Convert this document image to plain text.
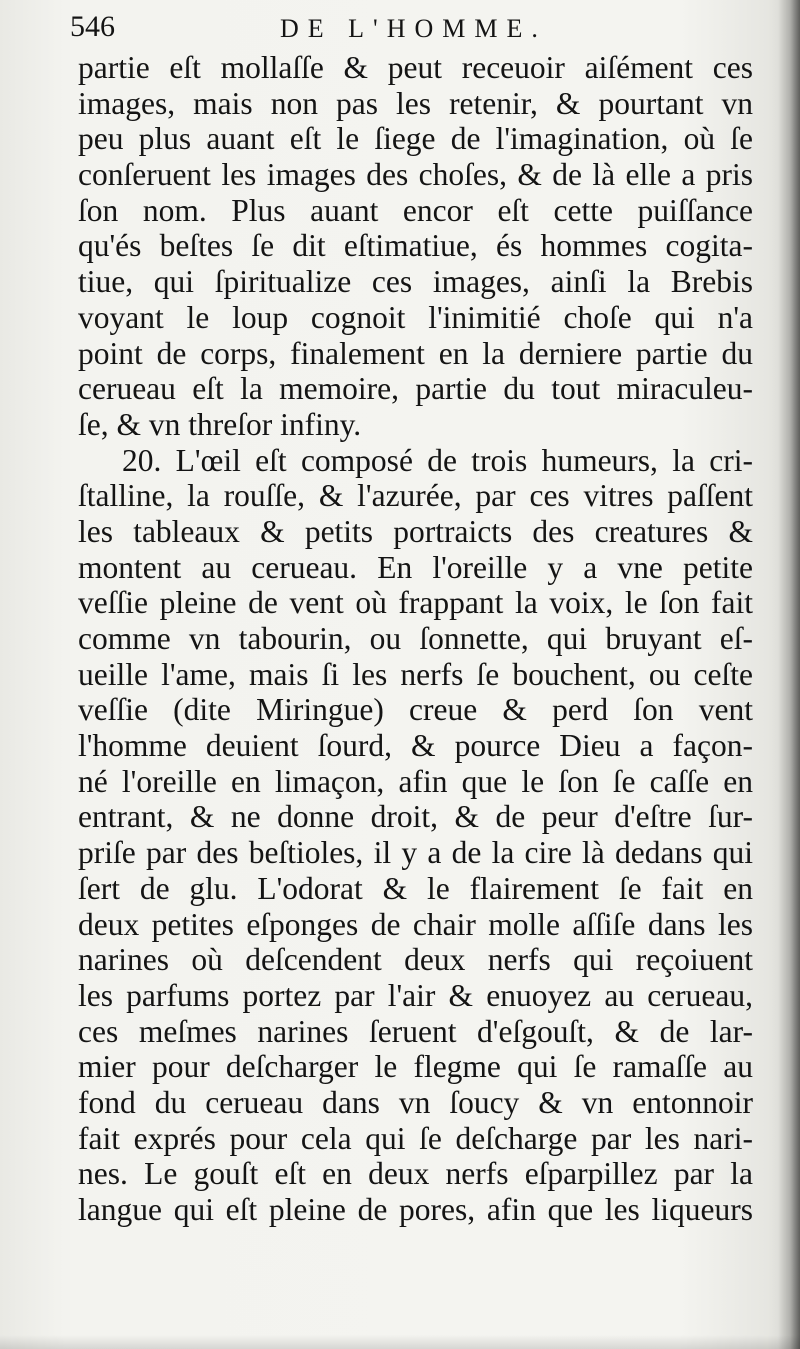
546	DE L'HOMME.
partie eſt mollaſſe & peut receuoir aiſément ces
images, mais non pas les retenir, & pourtant vn
peu plus auant eſt le ſiege de l'imagination, où ſe
conſeruent les images des choſes, & de là elle a pris
ſon nom. Plus auant encor eſt cette puiſſance
qu'és beſtes ſe dit eſtimatiue, és hommes cogita-
tiue, qui ſpiritualize ces images, ainſi la Brebis
voyant le loup cognoit l'inimitié choſe qui n'a
point de corps, finalement en la derniere partie du
cerueau eſt la memoire, partie du tout miraculeu-
ſe, & vn threſor infiny.
20. L'œil eſt composé de trois humeurs, la cri-
ſtalline, la rouſſe, & l'azurée, par ces vitres paſſent
les tableaux & petits portraicts des creatures &
montent au cerueau. En l'oreille y a vne petite
veſſie pleine de vent où frappant la voix, le ſon fait
comme vn tabourin, ou ſonnette, qui bruyant eſ-
ueille l'ame, mais ſi les nerfs ſe bouchent, ou ceſte
veſſie (dite Miringue) creue & perd ſon vent
l'homme deuient ſourd, & pource Dieu a façon-
né l'oreille en limaçon, afin que le ſon ſe caſſe en
entrant, & ne donne droit, & de peur d'eſtre ſur-
priſe par des beſtioles, il y a de la cire là dedans qui
ſert de glu. L'odorat & le flairement ſe fait en
deux petites eſponges de chair molle aſſiſe dans les
narines où deſcendent deux nerfs qui reçoiuent
les parfums portez par l'air & enuoyez au cerueau,
ces meſmes narines ſeruent d'eſgouſt, & de lar-
mier pour deſcharger le flegme qui ſe ramaſſe au
fond du cerueau dans vn ſoucy & vn entonnoir
fait exprés pour cela qui ſe deſcharge par les nari-
nes. Le gouſt eſt en deux nerfs eſparpillez par la
langue qui eſt pleine de pores, afin que les liqueurs
